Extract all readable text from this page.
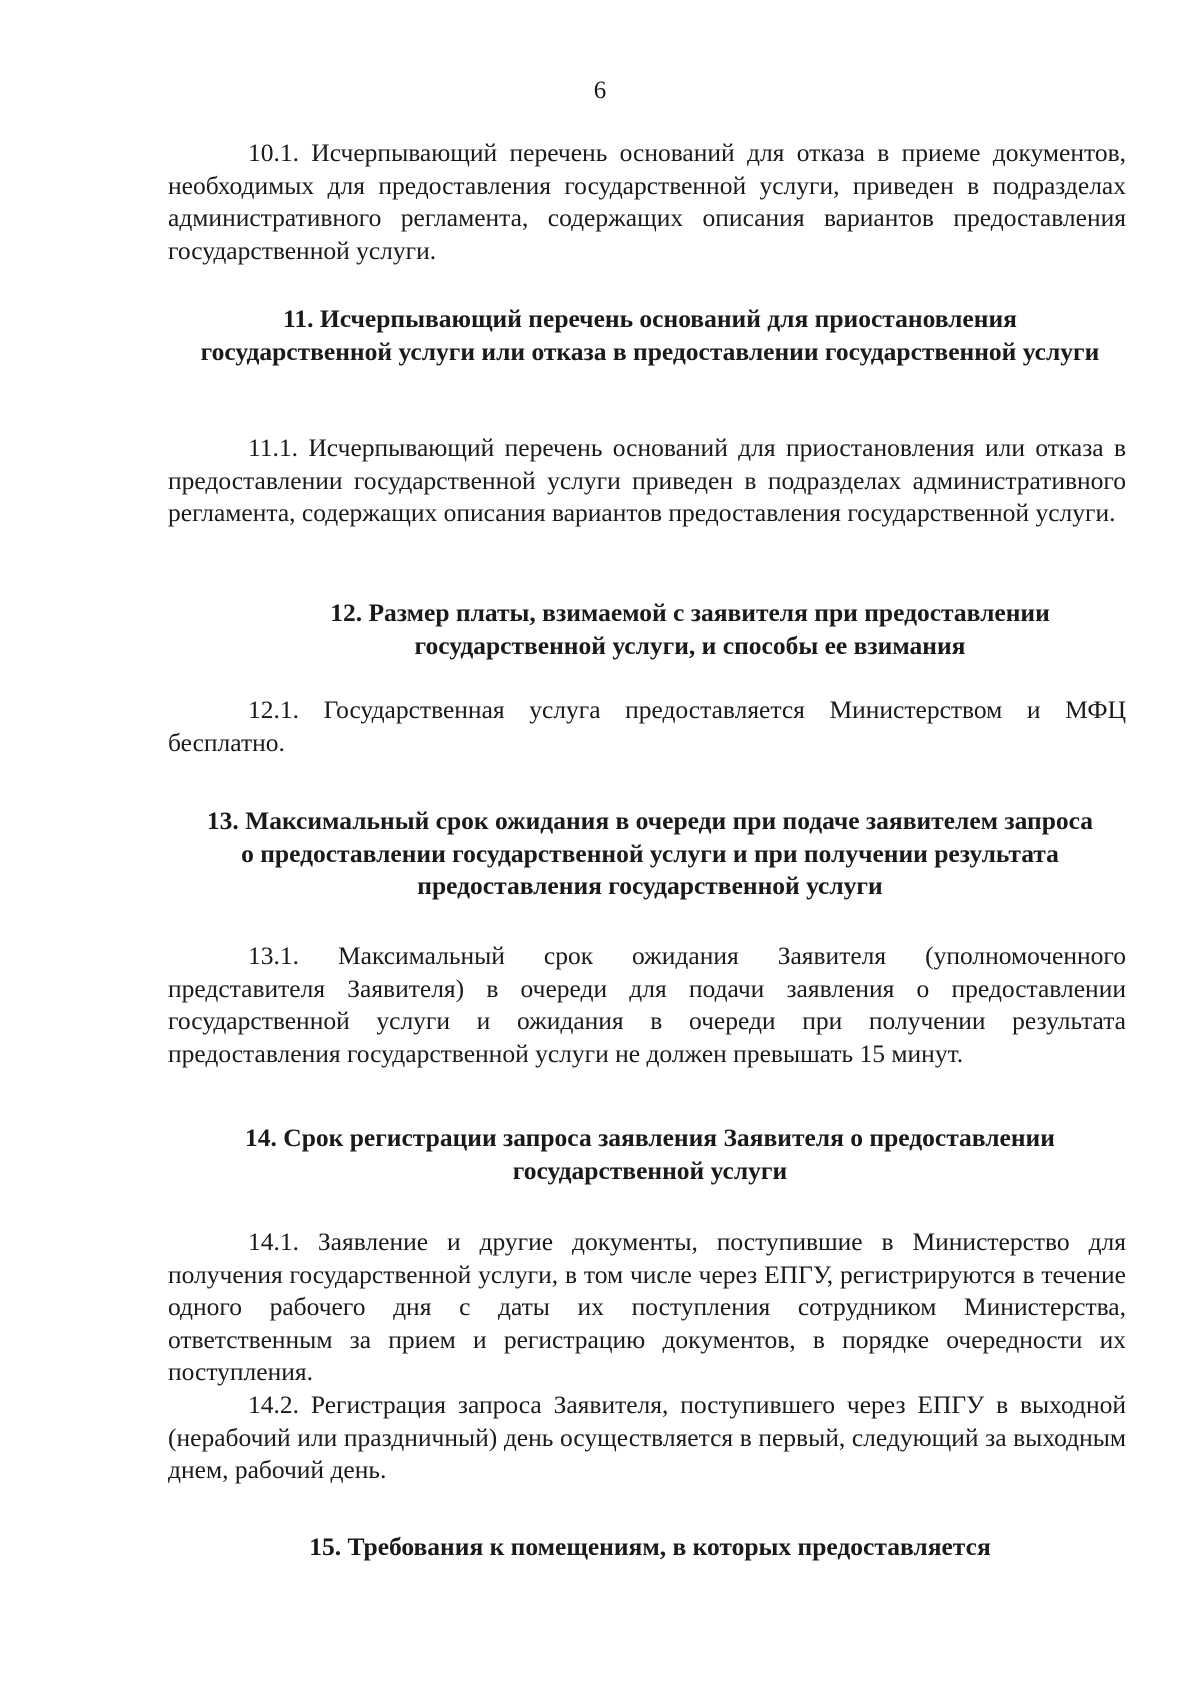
6

10.1. Исчерпывающий перечень оснований для отказа в приеме документов, необходимых для предоставления государственной услуги, приведен в подразделах административного регламента, содержащих описания вариантов предоставления государственной услуги.

11. Исчерпывающий перечень оснований для приостановления государственной услуги или отказа в предоставлении государственной услуги

11.1. Исчерпывающий перечень оснований для приостановления или отказа в предоставлении государственной услуги приведен в подразделах административного регламента, содержащих описания вариантов предоставления государственной услуги.

12. Размер платы, взимаемой с заявителя при предоставлении государственной услуги, и способы ее взимания

12.1. Государственная услуга предоставляется Министерством и МФЦ бесплатно.

13. Максимальный срок ожидания в очереди при подаче заявителем запроса о предоставлении государственной услуги и при получении результата предоставления государственной услуги

13.1. Максимальный срок ожидания Заявителя (уполномоченного представителя Заявителя) в очереди для подачи заявления о предоставлении государственной услуги и ожидания в очереди при получении результата предоставления государственной услуги не должен превышать 15 минут.

14. Срок регистрации запроса заявления Заявителя о предоставлении государственной услуги

14.1. Заявление и другие документы, поступившие в Министерство для получения государственной услуги, в том числе через ЕПГУ, регистрируются в течение одного рабочего дня с даты их поступления сотрудником Министерства, ответственным за прием и регистрацию документов, в порядке очередности их поступления.

14.2. Регистрация запроса Заявителя, поступившего через ЕПГУ в выходной (нерабочий или праздничный) день осуществляется в первый, следующий за выходным днем, рабочий день.

15. Требования к помещениям, в которых предоставляется
